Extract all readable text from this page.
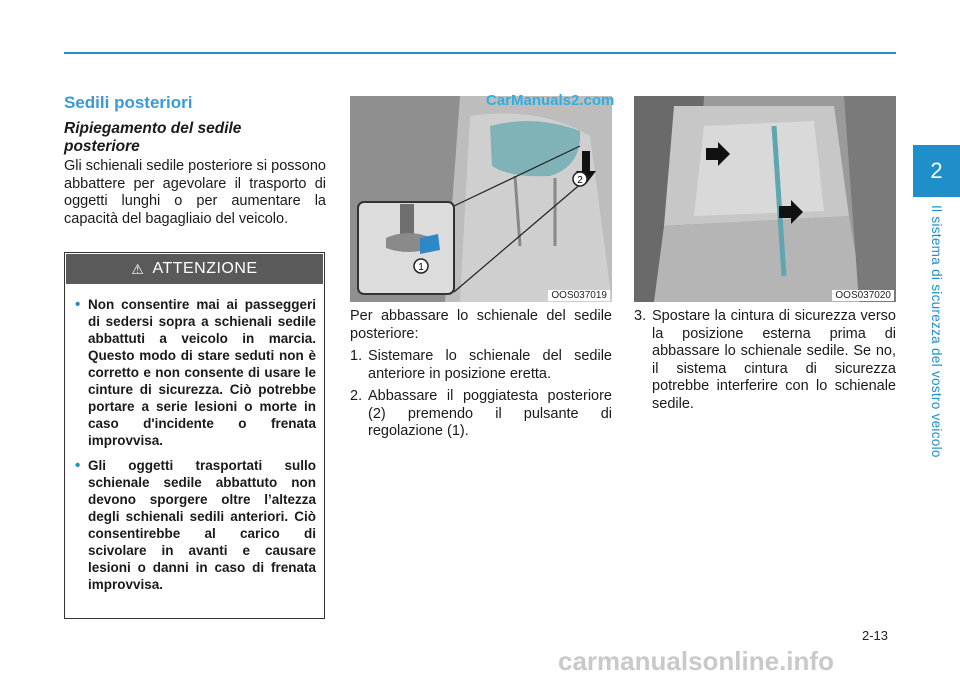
2
Il sistema di sicurezza del vostro veicolo
Sedili posteriori
Ripiegamento del sedile posteriore
Gli schienali sedile posteriore si possono abbattere per agevolare il trasporto di oggetti lunghi o per aumentare la capacità del bagagliaio del veicolo.
⚠ ATTENZIONE
• Non consentire mai ai passeggeri di sedersi sopra a schienali sedile abbattuti a veicolo in marcia. Questo modo di stare seduti non è corretto e non consente di usare le cinture di sicurezza. Ciò potrebbe portare a serie lesioni o morte in caso d'incidente o frenata improvvisa.
• Gli oggetti trasportati sullo schienale sedile abbattuto non devono sporgere oltre l’altezza degli schienali sedili anteriori. Ciò consentirebbe al carico di scivolare in avanti e causare lesioni o danni in caso di frenata improvvisa.
1
2
OOS037019	OOS037020
CarManuals2.com

Per abbassare lo schienale del sedile posteriore:

1. Sistemare lo schienale del sedile anteriore in posizione eretta.
2. Abbassare il poggiatesta posteriore (2) premendo il pulsante di regolazione (1).
3. Spostare la cintura di sicurezza verso la posizione esterna prima di abbassare lo schienale sedile. Se no, il sistema cintura di sicurezza potrebbe interferire con lo schienale sedile.
2-13
carmanualsonline.info
